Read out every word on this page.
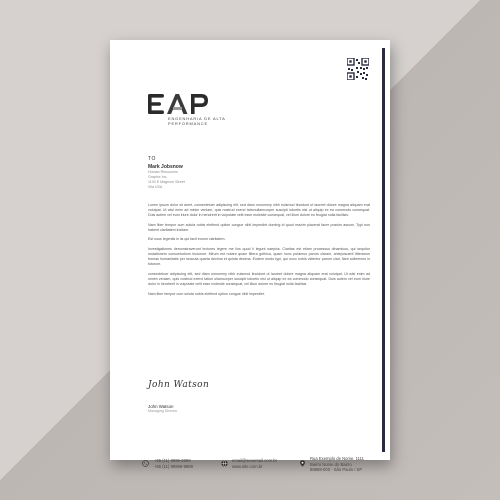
ENGENHARIA DE ALTA
PERFORMANCE
TO
Mark Jobsnow
Human Resources
Graphic Inc.
1100 E Magnum Street
Vila USA

Lorem ipsum dolor sit amet, consectetuer adipiscing elit, sed diam nonummy nibh euismod tincidunt ut laoreet dolore magna aliquam erat volutpat. Ut wisi enim ad minim veniam, quis nostrud exerci tationullamcorper suscipit lobortis nisl ut aliquip ex ea commodo consequat. Duis autem vel eum iriure dolor in hendrerit in vulputate velit esse molestie consequat, vel illum dolore eu feugiat nulla facilisis.

Nam liber tempor cum soluta nobis eleifend option congue nihil imperdiet doming id quod mazim placerat facer possim assum. Typi non habent claritatem insitam.

Est usus legentis in iis qui facit eorum claritatem.

Investigationes demonstraverunt lectores legere me lius quod ii legunt saepius. Claritas est etiam processus dinamicus, qui sequitur mutationem consuetudium lectorum. Mirum est notare quam littera gothica, quam nunc putamus parum claram, anteposuerit litterarum formas humanitatis per seacula quarta decima et quinta decima. Eodem modo typi, qui nunc nobis videntur parum clari, fiant sollemnes in futurum.

consectetuer adipiscing elit, sed diam nonummy nibh euismod tincidunt ut laoreet dolore magna aliquam erat volutpat. Ut wisi enim ad minim veniam, quis nostrud exerci tation ullamcorper suscipit lobortis nisl ut aliquip ex ea commodo consequat. Duis autem vel eum iriure dolor in hendrerit in vulputate velit esse molestie consequat, vel illum dolore eu feugiat nulla facilisis.

Nam liber tempor cum soluta nobis eleifend option congue nihil imperdiet.

John Watson
John Watson
Managing Director
+55 (11) 9999-9999
+55 (11) 99999-9999
email@seuemail.com.br
www.site.com.br
Rua Exemplo de Nome, 1111
Bairro Nome do Bairro
88888-000 - São Paulo / SP
